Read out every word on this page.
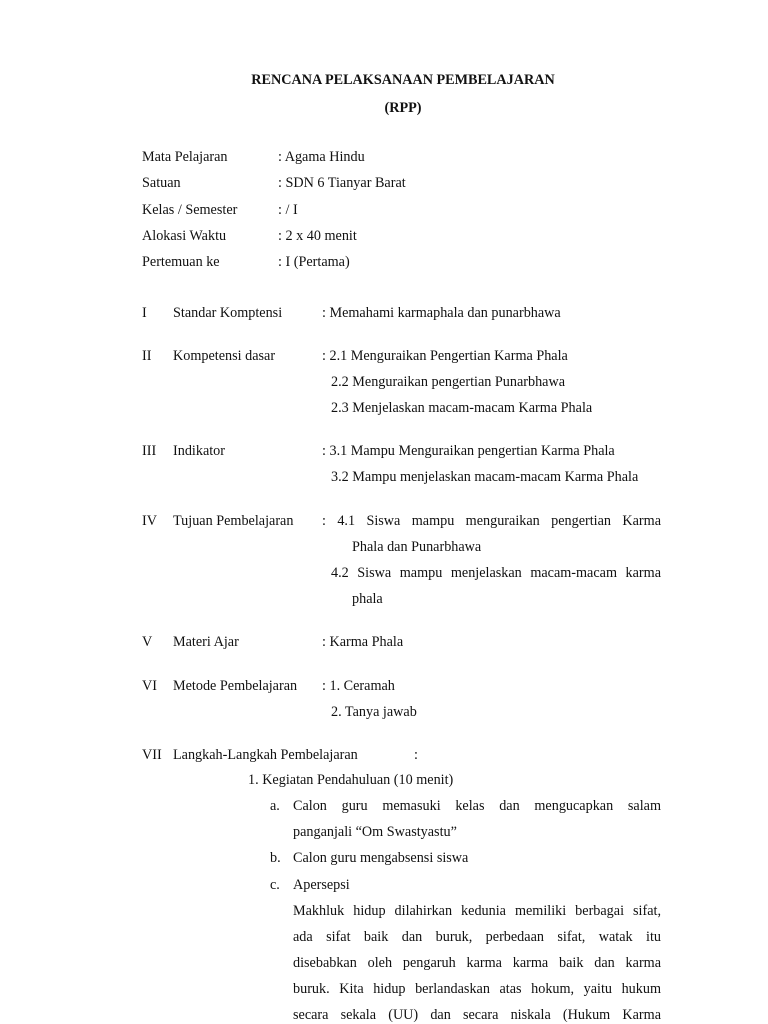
RENCANA PELAKSANAAN PEMBELAJARAN
(RPP)
Mata Pelajaran	: Agama Hindu
Satuan	: SDN 6 Tianyar Barat
Kelas / Semester	: / I
Alokasi Waktu	: 2 x 40 menit
Pertemuan ke	: I (Pertama)
I Standar Komptensi	: Memahami karmaphala dan punarbhawa
II Kompetensi dasar	: 2.1 Menguraikan Pengertian Karma Phala
2.2 Menguraikan pengertian Punarbhawa
2.3 Menjelaskan macam-macam Karma Phala
III Indikator	: 3.1 Mampu Menguraikan pengertian Karma Phala
3.2 Mampu menjelaskan macam-macam Karma Phala
IV Tujuan Pembelajaran : 4.1 Siswa mampu menguraikan pengertian Karma
Phala dan Punarbhawa
4.2 Siswa mampu menjelaskan macam-macam karma
phala
V Materi Ajar	: Karma Phala
VI Metode Pembelajaran : 1. Ceramah
2. Tanya jawab
VII Langkah-Langkah Pembelajaran	:
1. Kegiatan Pendahuluan (10 menit)
a. Calon guru memasuki kelas dan mengucapkan salam
panganjali “Om Swastyastu”
b. Calon guru mengabsensi siswa
c. Apersepsi
Makhluk hidup dilahirkan kedunia memiliki berbagai sifat,
ada sifat baik dan buruk, perbedaan sifat, watak itu
disebabkan oleh pengaruh karma karma baik dan karma
buruk. Kita hidup berlandaskan atas hokum, yaitu hukum
secara sekala (UU) dan secara niskala (Hukum Karma
